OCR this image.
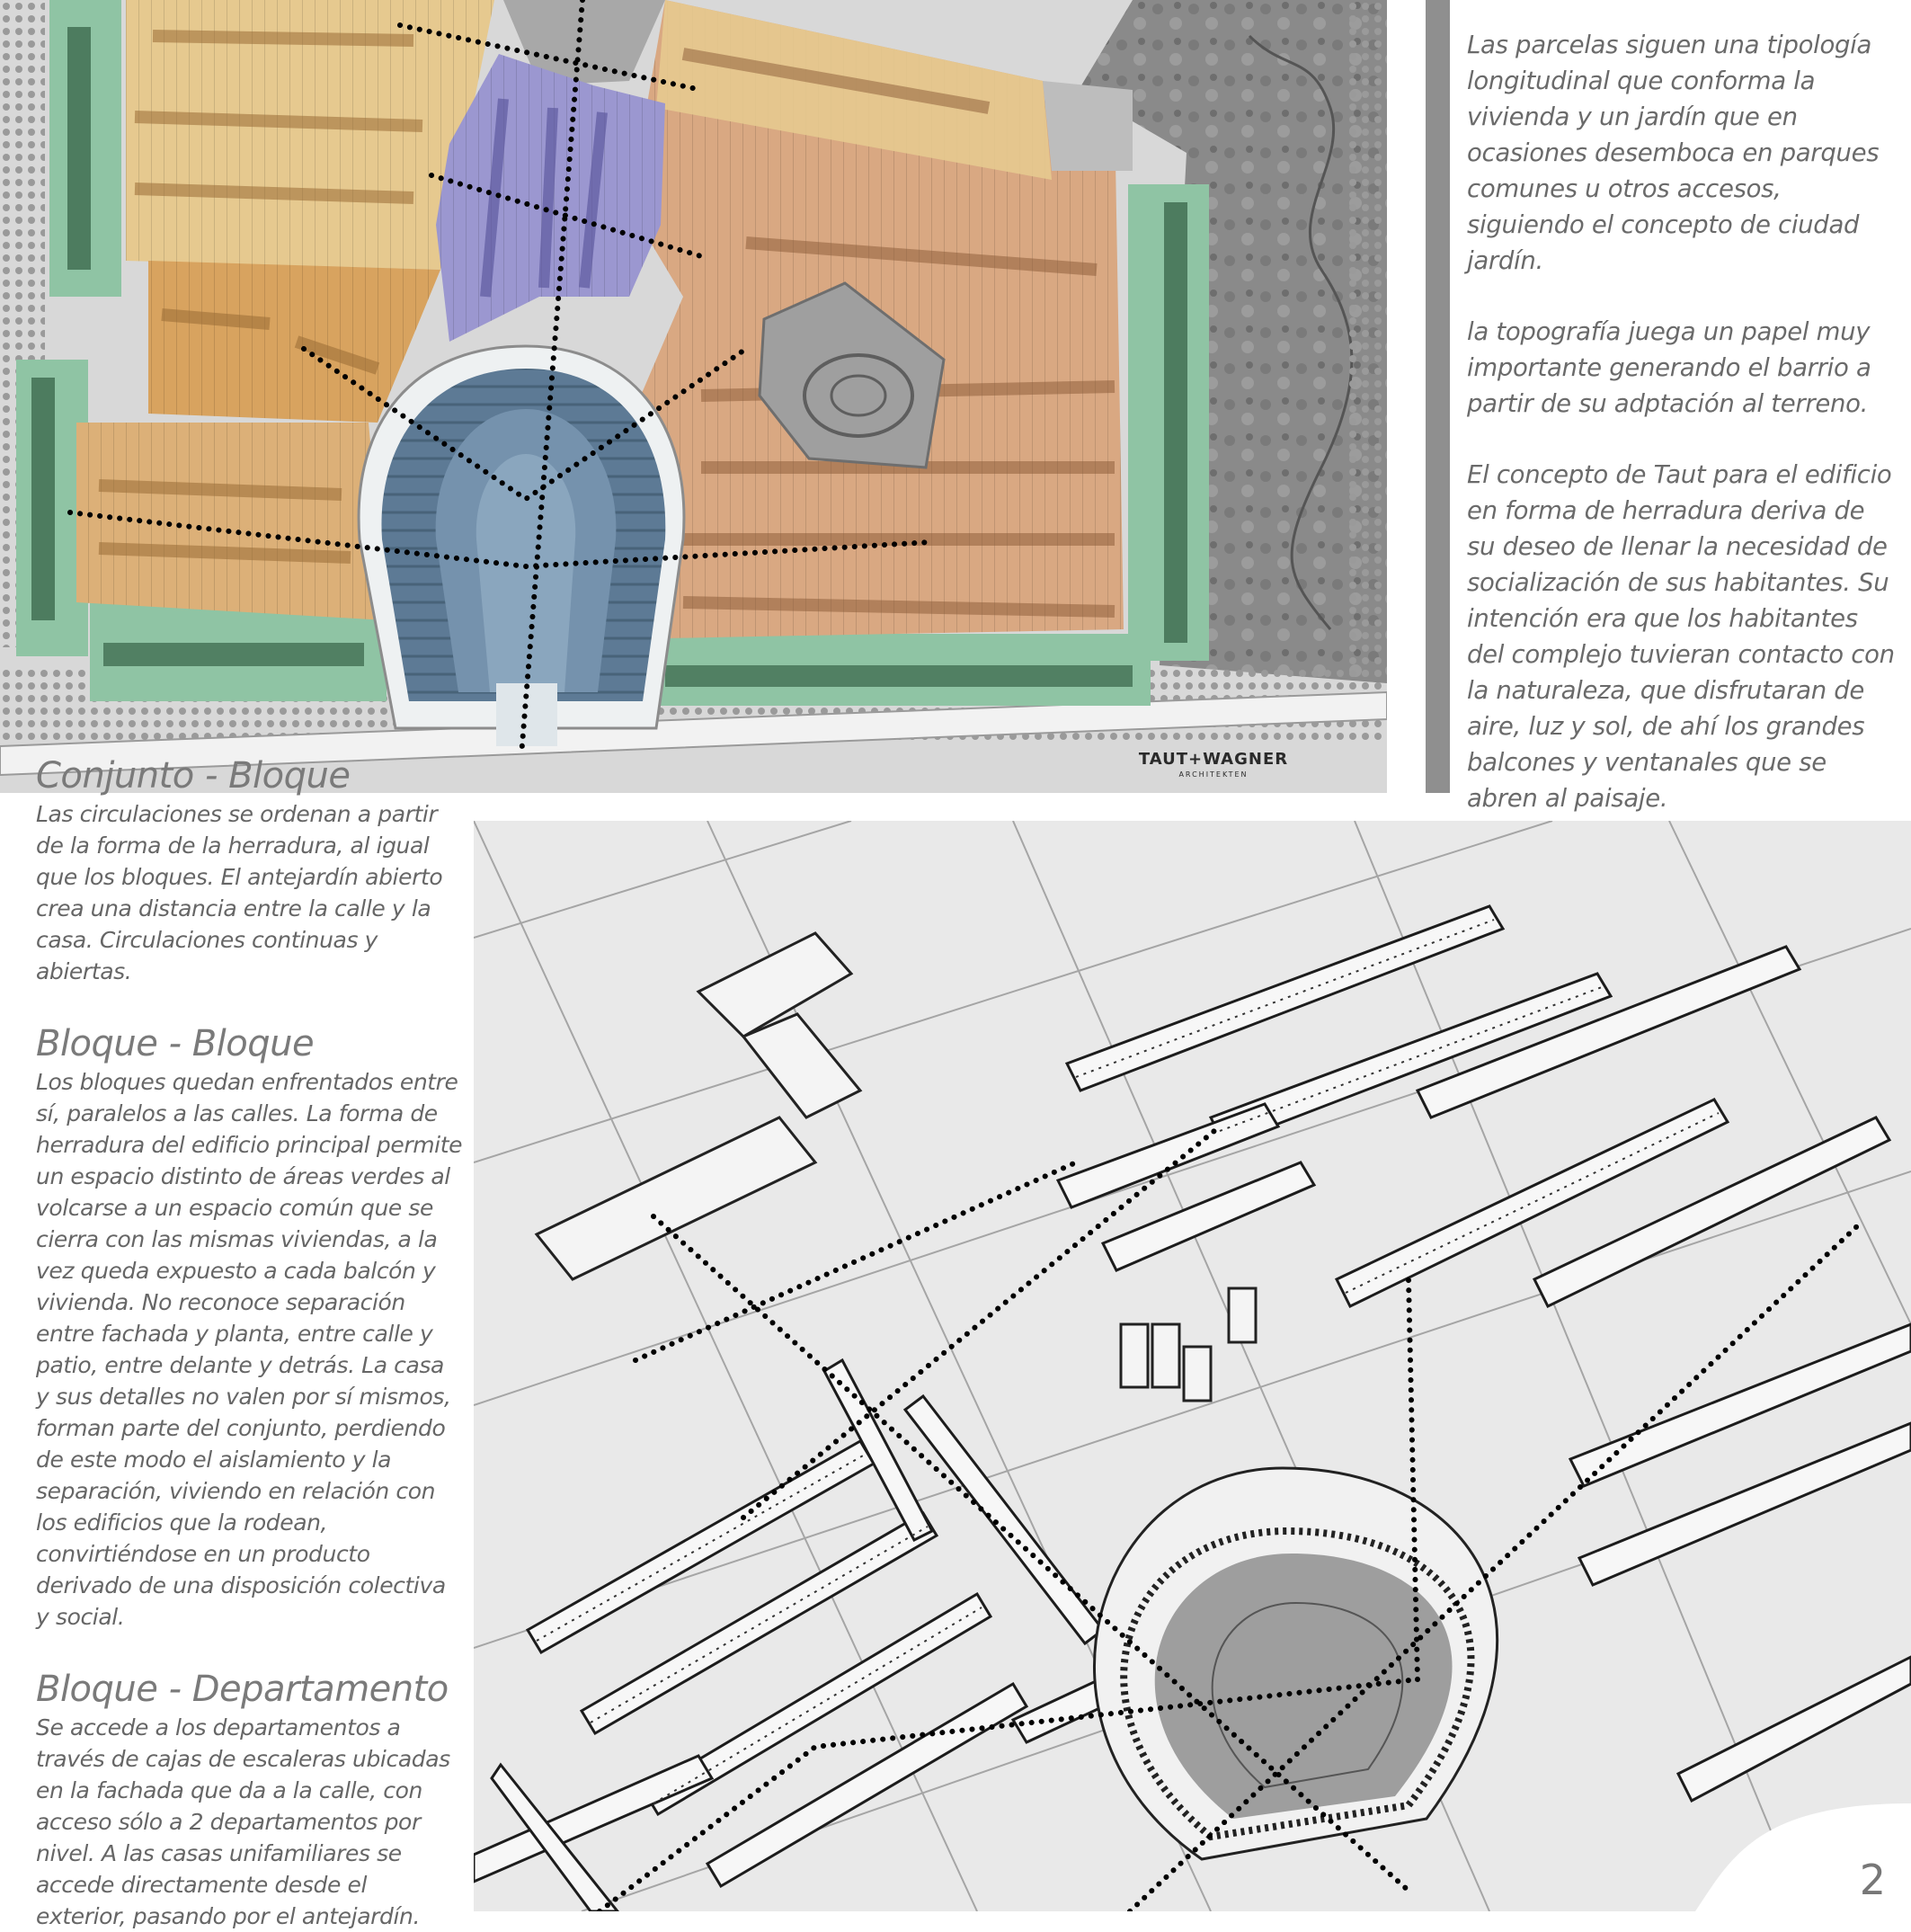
TAUT+WAGNER
ARCHITEKTEN

Las parcelas siguen una tipología longitudinal que conforma la vivienda y un jardín que en ocasiones desemboca en parques comunes u otros accesos, siguiendo el concepto de ciudad jardín.

la topografía juega un papel muy importante generando el barrio a partir de su adptación al terreno.

El concepto de Taut para el edificio en forma de herradura deriva de su deseo de llenar la necesidad de socialización de sus habitantes. Su intención era que los habitantes del complejo tuvieran contacto con la naturaleza, que disfrutaran de aire, luz y sol, de ahí los grandes balcones y ventanales que se abren al paisaje.

Conjunto - Bloque

Las circulaciones se ordenan a partir de la forma de la herradura, al igual que los bloques. El antejardín abierto crea una distancia entre la calle y la casa. Circulaciones continuas y abiertas.

Bloque - Bloque

Los bloques quedan enfrentados entre sí, paralelos a las calles. La forma de herradura del edificio principal permite un espacio distinto de áreas verdes al volcarse a un espacio común que se cierra con las mismas viviendas, a la vez queda expuesto a cada balcón y vivienda. No reconoce separación entre fachada y planta, entre calle y patio, entre delante y detrás. La casa y sus detalles no valen por sí mismos, forman parte del conjunto, perdiendo de este modo el aislamiento y la separación, viviendo en relación con los edificios que la rodean, convirtiéndose en un producto derivado de una disposición colectiva y social.

Bloque - Departamento

Se accede a los departamentos a través de cajas de escaleras ubicadas en la fachada que da a la calle, con acceso sólo a 2 departamentos por nivel. A las casas unifamiliares se accede directamente desde el exterior, pasando por el antejardín.

2
